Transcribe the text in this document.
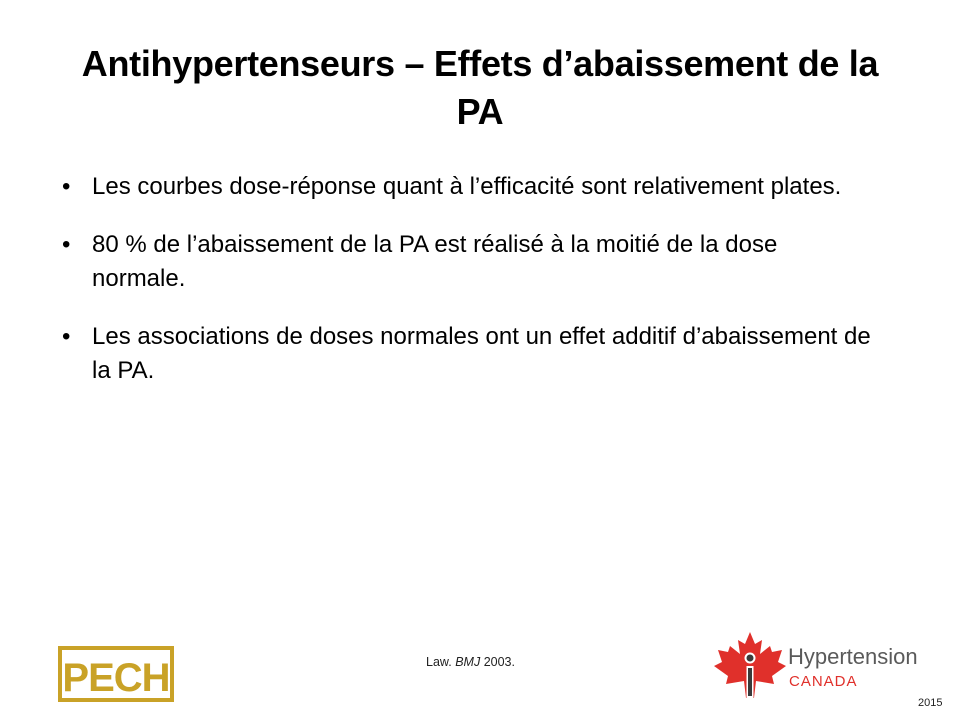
Antihypertenseurs – Effets d’abaissement de la PA
• Les courbes dose-réponse quant à l’efficacité sont relativement plates.
• 80 % de l’abaissement de la PA est réalisé à la moitié de la dose normale.
• Les associations de doses normales ont un effet additif d’abaissement de la PA.
PECH	Law. BMJ 2003.	Hypertension
CANADA
2015
